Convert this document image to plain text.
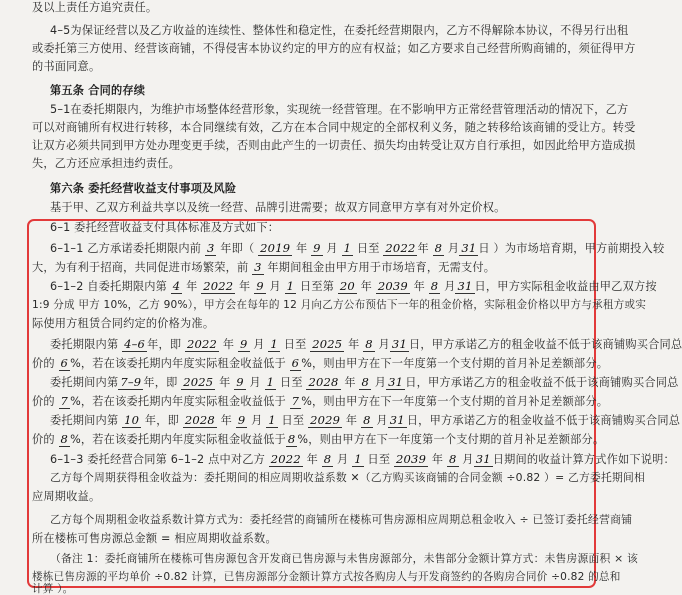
及以上责任方追究责任。
4–5为保证经营以及乙方收益的连续性、整体性和稳定性，在委托经营期限内，乙方不得解除本协议，不得另行出租
或委托第三方使用、经营该商铺，不得侵害本协议约定的甲方的应有权益；如乙方要求自己经营所购商铺的，须征得甲方
的书面同意。
第五条 合同的存续
5–1在委托期限内，为维护市场整体经营形象，实现统一经营管理。在不影响甲方正常经营管理活动的情况下，乙方
可以对商铺所有权进行转移，本合同继续有效，乙方在本合同中规定的全部权利义务，随之转移给该商铺的受让方。转受
让双方必须共同到甲方处办理变更手续，否则由此产生的一切责任、损失均由转受让双方自行承担，如因此给甲方造成损
失，乙方还应承担违约责任。
第六条 委托经营收益支付事项及风险
基于甲、乙双方利益共享以及统一经营、品牌引进需要；故双方同意甲方享有对外定价权。
6–1 委托经营收益支付具体标准及方式如下：
6–1–1 乙方承诺委托期限内前 3 年即（ 2019 年 9 月 1 日至 2022 年 8 月 31 日 ）为市场培育期，甲方前期投入较
大，为有利于招商，共同促进市场繁荣，前 3 年期间租金由甲方用于市场培育，无需支付。
6–1–2 自委托期限内第 4 年 2022 年 9 月 1 日至第 20 年 2039 年 8 月 31 日，甲方实际租金收益由甲乙双方按
1:9 分成 甲方 10%，乙方 90%），甲方会在每年的 12 月向乙方公布预估下一年的租金价格，实际租金价格以甲方与承租方或实
际使用方租赁合同约定的价格为准。
委托期限内第 4–6 年，即 2022 年 9 月 1 日至 2025 年 8 月 31 日，甲方承诺乙方的租金收益不低于该商铺购买合同总
价的 6 %，若在该委托期内年度实际租金收益低于 6 %，则由甲方在下一年度第一个支付期的首月补足差额部分。
委托期间内第 7–9 年，即 2025 年 9 月 1 日至 2028 年 8 月 31 日，甲方承诺乙方的租金收益不低于该商铺购买合同总
价的 7 %，若在该委托期内年度实际租金收益低于 7 %，则由甲方在下一年度第一个支付期的首月补足差额部分。
委托期间内第 10 年，即 2028 年 9 月 1 日至 2029 年 8 月 31 日，甲方承诺乙方的租金收益不低于该商铺购买合同总
价的 8 %，若在该委托期内年度实际租金收益低于 8 %，则由甲方在下一年度第一个支付期的首月补足差额部分。
6–1–3 委托经营合同第 6–1–2 点中对乙方 2022 年 8 月 1 日至 2039 年 8 月 31 日期间的收益计算方式作如下说明：
乙方每个周期获得租金收益为：委托期间的相应周期收益系数 ✕（乙方购买该商铺的合同金额 ÷0.82 ）= 乙方委托期间相
应周期收益。
乙方每个周期租金收益系数计算方式为：委托经营的商铺所在楼栋可售房源相应周期总租金收入 ÷ 已签订委托经营商铺
所在楼栋可售房源总金额 = 相应周期收益系数。
（备注 1：委托商铺所在楼栋可售房源包含开发商已售房源与未售房源部分，未售部分金额计算方式：未售房源面积 × 该
楼栋已售房源的平均单价 ÷0.82 计算，已售房源部分金额计算方式按各购房人与开发商签约的各购房合同价 ÷0.82 的总和
计算 ）。
